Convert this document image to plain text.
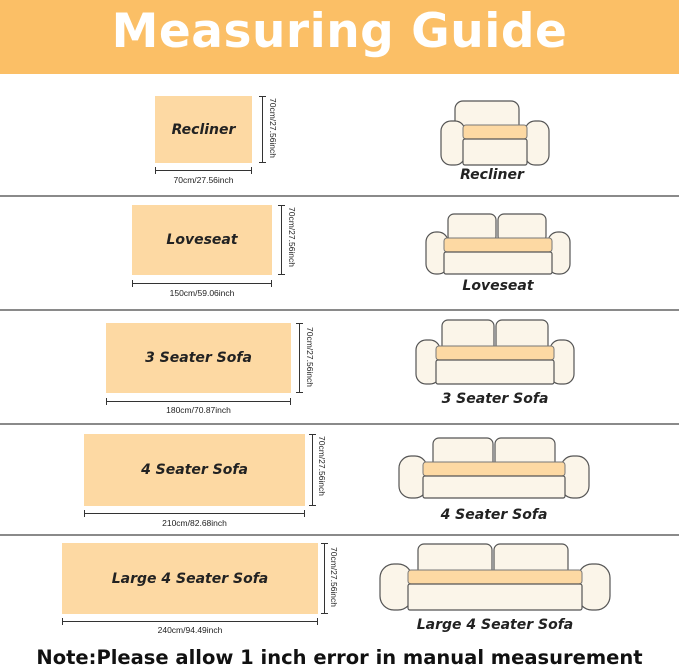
Measuring Guide
Recliner
70cm/27.56inch
70cm/27.56inch
Recliner
Loveseat
150cm/59.06inch
70cm/27.56inch
Loveseat
3 Seater Sofa
180cm/70.87inch
70cm/27.56inch
3 Seater Sofa
4 Seater Sofa
210cm/82.68inch
70cm/27.56inch
4 Seater Sofa
Large 4 Seater Sofa
240cm/94.49inch
70cm/27.56inch
Large 4 Seater Sofa
Note:Please allow 1 inch error in manual measurement
